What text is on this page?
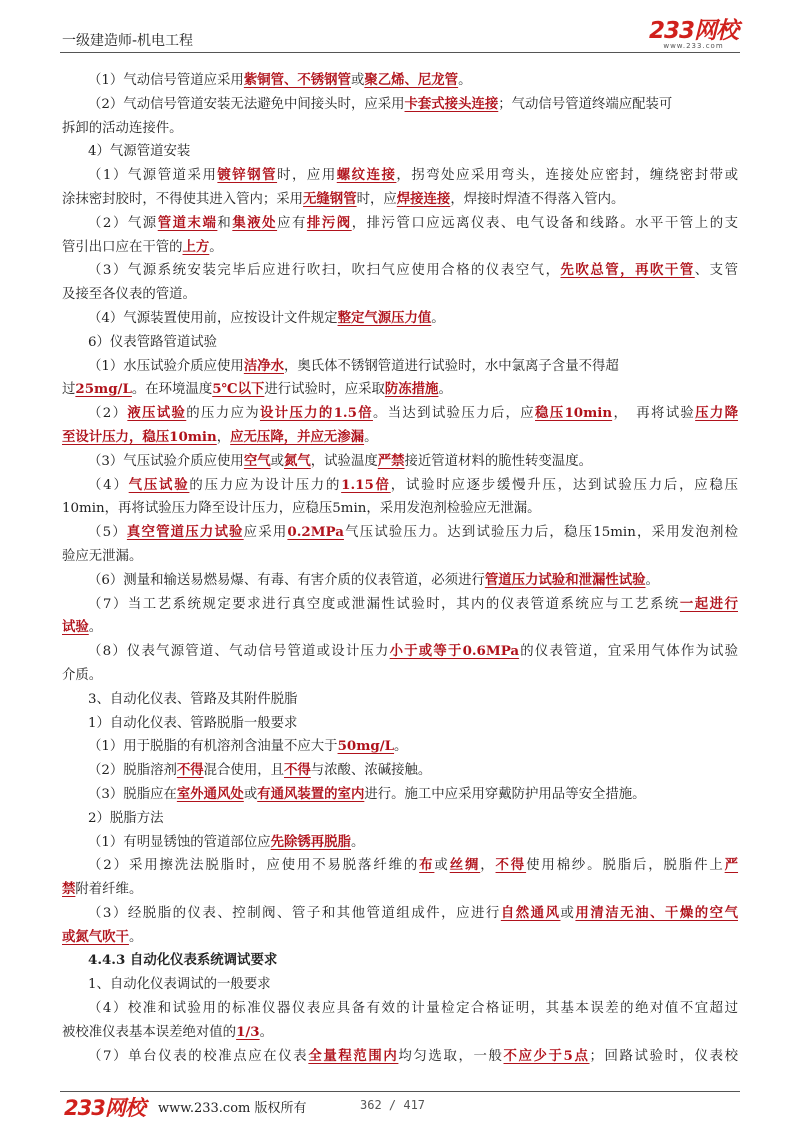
一级建造师-机电工程	233网校
www.233.com
（1）气动信号管道应采用紫铜管、不锈钢管或聚乙烯、尼龙管。
（2）气动信号管道安装无法避免中间接头时，应采用卡套式接头连接；气动信号管道终端应配装可
拆卸的活动连接件。
4）气源管道安装
（1）气源管道采用镀锌钢管时，应用螺纹连接，拐弯处应采用弯头，连接处应密封，缠绕密封带或
涂抹密封胶时，不得使其进入管内；采用无缝钢管时，应焊接连接，焊接时焊渣不得落入管内。
（2）气源管道末端和集液处应有排污阀，排污管口应远离仪表、电气设备和线路。水平干管上的支
管引出口应在干管的上方。
（3）气源系统安装完毕后应进行吹扫，吹扫气应使用合格的仪表空气，先吹总管，再吹干管、支管
及接至各仪表的管道。
（4）气源装置使用前，应按设计文件规定整定气源压力值。
6）仪表管路管道试验
（1）水压试验介质应使用洁净水，奥氏体不锈钢管道进行试验时，水中氯离子含量不得超
过25mg/L。在环境温度5℃以下进行试验时，应采取防冻措施。
（2）液压试验的压力应为设计压力的1.5倍。当达到试验压力后，应稳压10min，　再将试验压力降
至设计压力，稳压10min，应无压降，并应无渗漏。
（3）气压试验介质应使用空气或氮气，试验温度严禁接近管道材料的脆性转变温度。
（4）气压试验的压力应为设计压力的1.15倍，试验时应逐步缓慢升压，达到试验压力后，应稳压
10min，再将试验压力降至设计压力，应稳压5min，采用发泡剂检验应无泄漏。
（5）真空管道压力试验应采用0.2MPa气压试验压力。达到试验压力后，稳压15min，采用发泡剂检
验应无泄漏。
（6）测量和输送易燃易爆、有毒、有害介质的仪表管道，必须进行管道压力试验和泄漏性试验。
（7）当工艺系统规定要求进行真空度或泄漏性试验时，其内的仪表管道系统应与工艺系统一起进行
试验。
（8）仪表气源管道、气动信号管道或设计压力小于或等于0.6MPa的仪表管道，宜采用气体作为试验
介质。
3、自动化仪表、管路及其附件脱脂
1）自动化仪表、管路脱脂一般要求
（1）用于脱脂的有机溶剂含油量不应大于50mg/L。
（2）脱脂溶剂不得混合使用，且不得与浓酸、浓碱接触。
（3）脱脂应在室外通风处或有通风装置的室内进行。施工中应采用穿戴防护用品等安全措施。
2）脱脂方法
（1）有明显锈蚀的管道部位应先除锈再脱脂。
（2）采用擦洗法脱脂时，应使用不易脱落纤维的布或丝绸，不得使用棉纱。脱脂后，脱脂件上严
禁附着纤维。
（3）经脱脂的仪表、控制阀、管子和其他管道组成件，应进行自然通风或用清洁无油、干燥的空气
或氮气吹干。
4.4.3 自动化仪表系统调试要求
1、自动化仪表调试的一般要求
（4）校准和试验用的标准仪器仪表应具备有效的计量检定合格证明，其基本误差的绝对值不宜超过
被校准仪表基本误差绝对值的1/3。
（7）单台仪表的校准点应在仪表全量程范围内均匀选取，一般不应少于5点；回路试验时，仪表校
233网校 www.233.com 版权所有	362 / 417
